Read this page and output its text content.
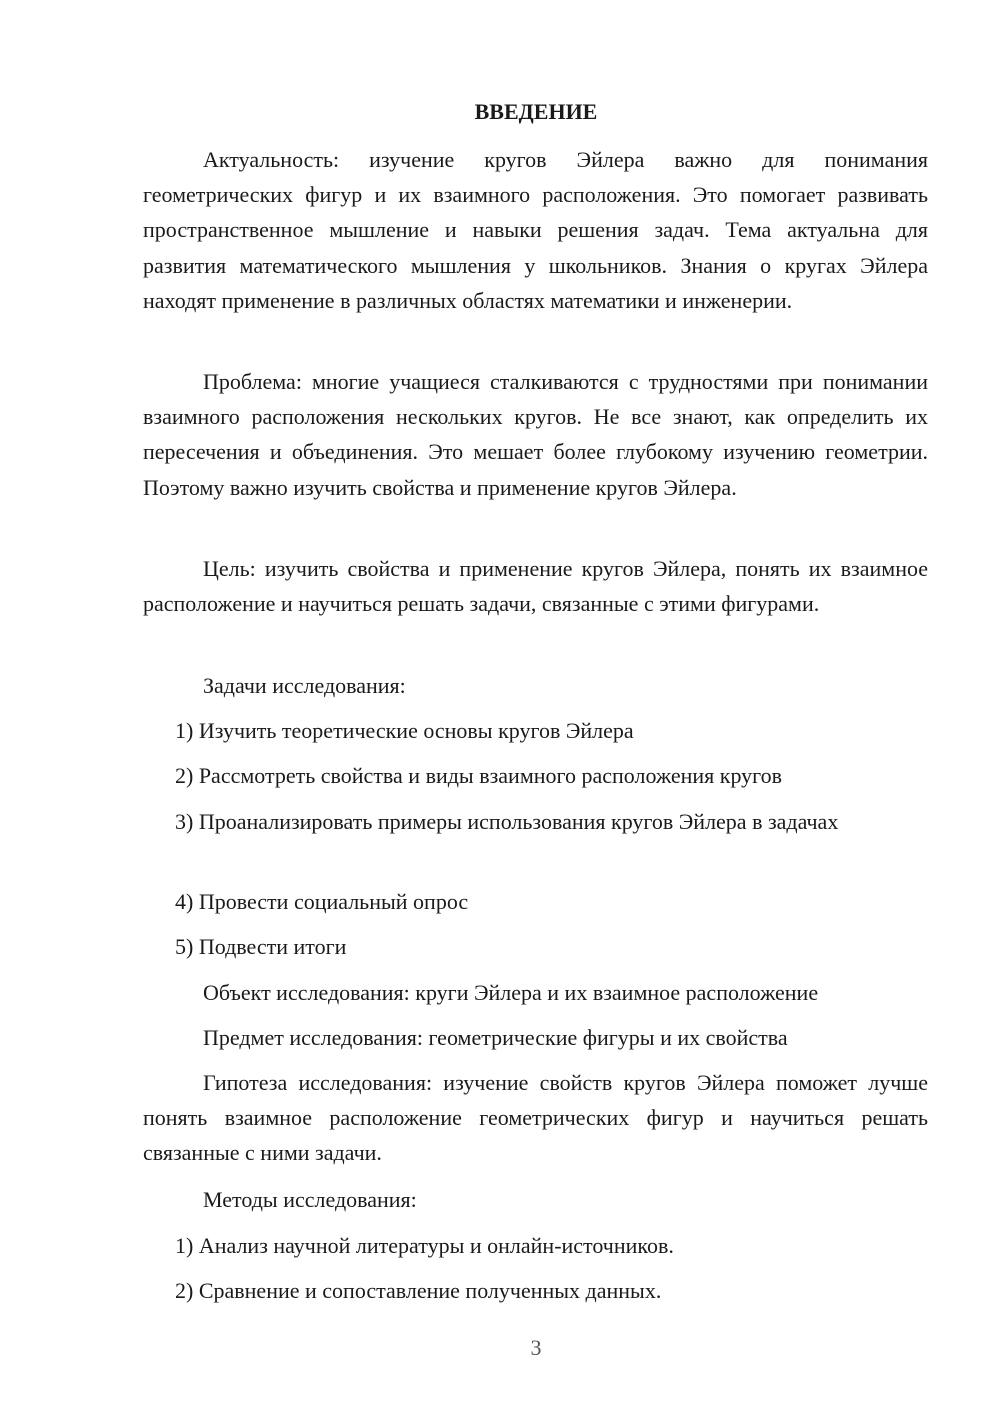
ВВЕДЕНИЕ

Актуальность: изучение кругов Эйлера важно для понимания геометрических фигур и их взаимного расположения. Это помогает развивать пространственное мышление и навыки решения задач. Тема актуальна для развития математического мышления у школьников. Знания о кругах Эйлера находят применение в различных областях математики и инженерии.

Проблема: многие учащиеся сталкиваются с трудностями при понимании взаимного расположения нескольких кругов. Не все знают, как определить их пересечения и объединения. Это мешает более глубокому изучению геометрии. Поэтому важно изучить свойства и применение кругов Эйлера.

Цель: изучить свойства и применение кругов Эйлера, понять их взаимное расположение и научиться решать задачи, связанные с этими фигурами.

Задачи исследования:

1) Изучить теоретические основы кругов Эйлера

2) Рассмотреть свойства и виды взаимного расположения кругов

3) Проанализировать примеры использования кругов Эйлера в задачах

4) Провести социальный опрос

5) Подвести итоги

Объект исследования: круги Эйлера и их взаимное расположение

Предмет исследования: геометрические фигуры и их свойства

Гипотеза исследования: изучение свойств кругов Эйлера поможет лучше понять взаимное расположение геометрических фигур и научиться решать связанные с ними задачи.

Методы исследования:

1) Анализ научной литературы и онлайн-источников.

2) Сравнение и сопоставление полученных данных.

3
